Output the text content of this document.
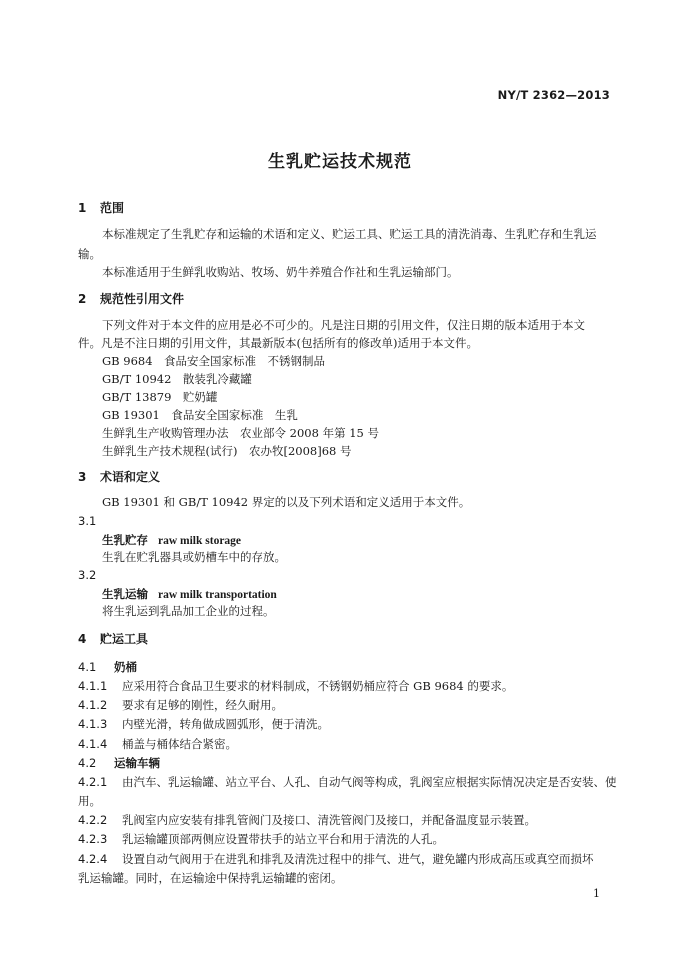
NY/T 2362—2013
生乳贮运技术规范
1 范围
本标准规定了生乳贮存和运输的术语和定义、贮运工具、贮运工具的清洗消毒、生乳贮存和生乳运
输。
本标准适用于生鲜乳收购站、牧场、奶牛养殖合作社和生乳运输部门。
2 规范性引用文件
下列文件对于本文件的应用是必不可少的。凡是注日期的引用文件，仅注日期的版本适用于本文
件。凡是不注日期的引用文件，其最新版本(包括所有的修改单)适用于本文件。
GB 9684　食品安全国家标准　不锈钢制品
GB/T 10942　散装乳冷藏罐
GB/T 13879　贮奶罐
GB 19301　食品安全国家标准　生乳
生鲜乳生产收购管理办法　农业部令 2008 年第 15 号
生鲜乳生产技术规程(试行)　农办牧[2008]68 号
3 术语和定义
GB 19301 和 GB/T 10942 界定的以及下列术语和定义适用于本文件。
3.1
生乳贮存 raw milk storage
生乳在贮乳器具或奶槽车中的存放。
3.2
生乳运输 raw milk transportation
将生乳运到乳品加工企业的过程。
4 贮运工具
4.1 奶桶
4.1.1 应采用符合食品卫生要求的材料制成，不锈钢奶桶应符合 GB 9684 的要求。
4.1.2 要求有足够的刚性，经久耐用。
4.1.3 内壁光滑，转角做成圆弧形，便于清洗。
4.1.4 桶盖与桶体结合紧密。
4.2 运输车辆
4.2.1 由汽车、乳运输罐、站立平台、人孔、自动气阀等构成，乳阀室应根据实际情况决定是否安装、使
用。
4.2.2 乳阀室内应安装有排乳管阀门及接口、清洗管阀门及接口，并配备温度显示装置。
4.2.3 乳运输罐顶部两侧应设置带扶手的站立平台和用于清洗的人孔。
4.2.4 设置自动气阀用于在进乳和排乳及清洗过程中的排气、进气，避免罐内形成高压或真空而损坏
乳运输罐。同时，在运输途中保持乳运输罐的密闭。
1
